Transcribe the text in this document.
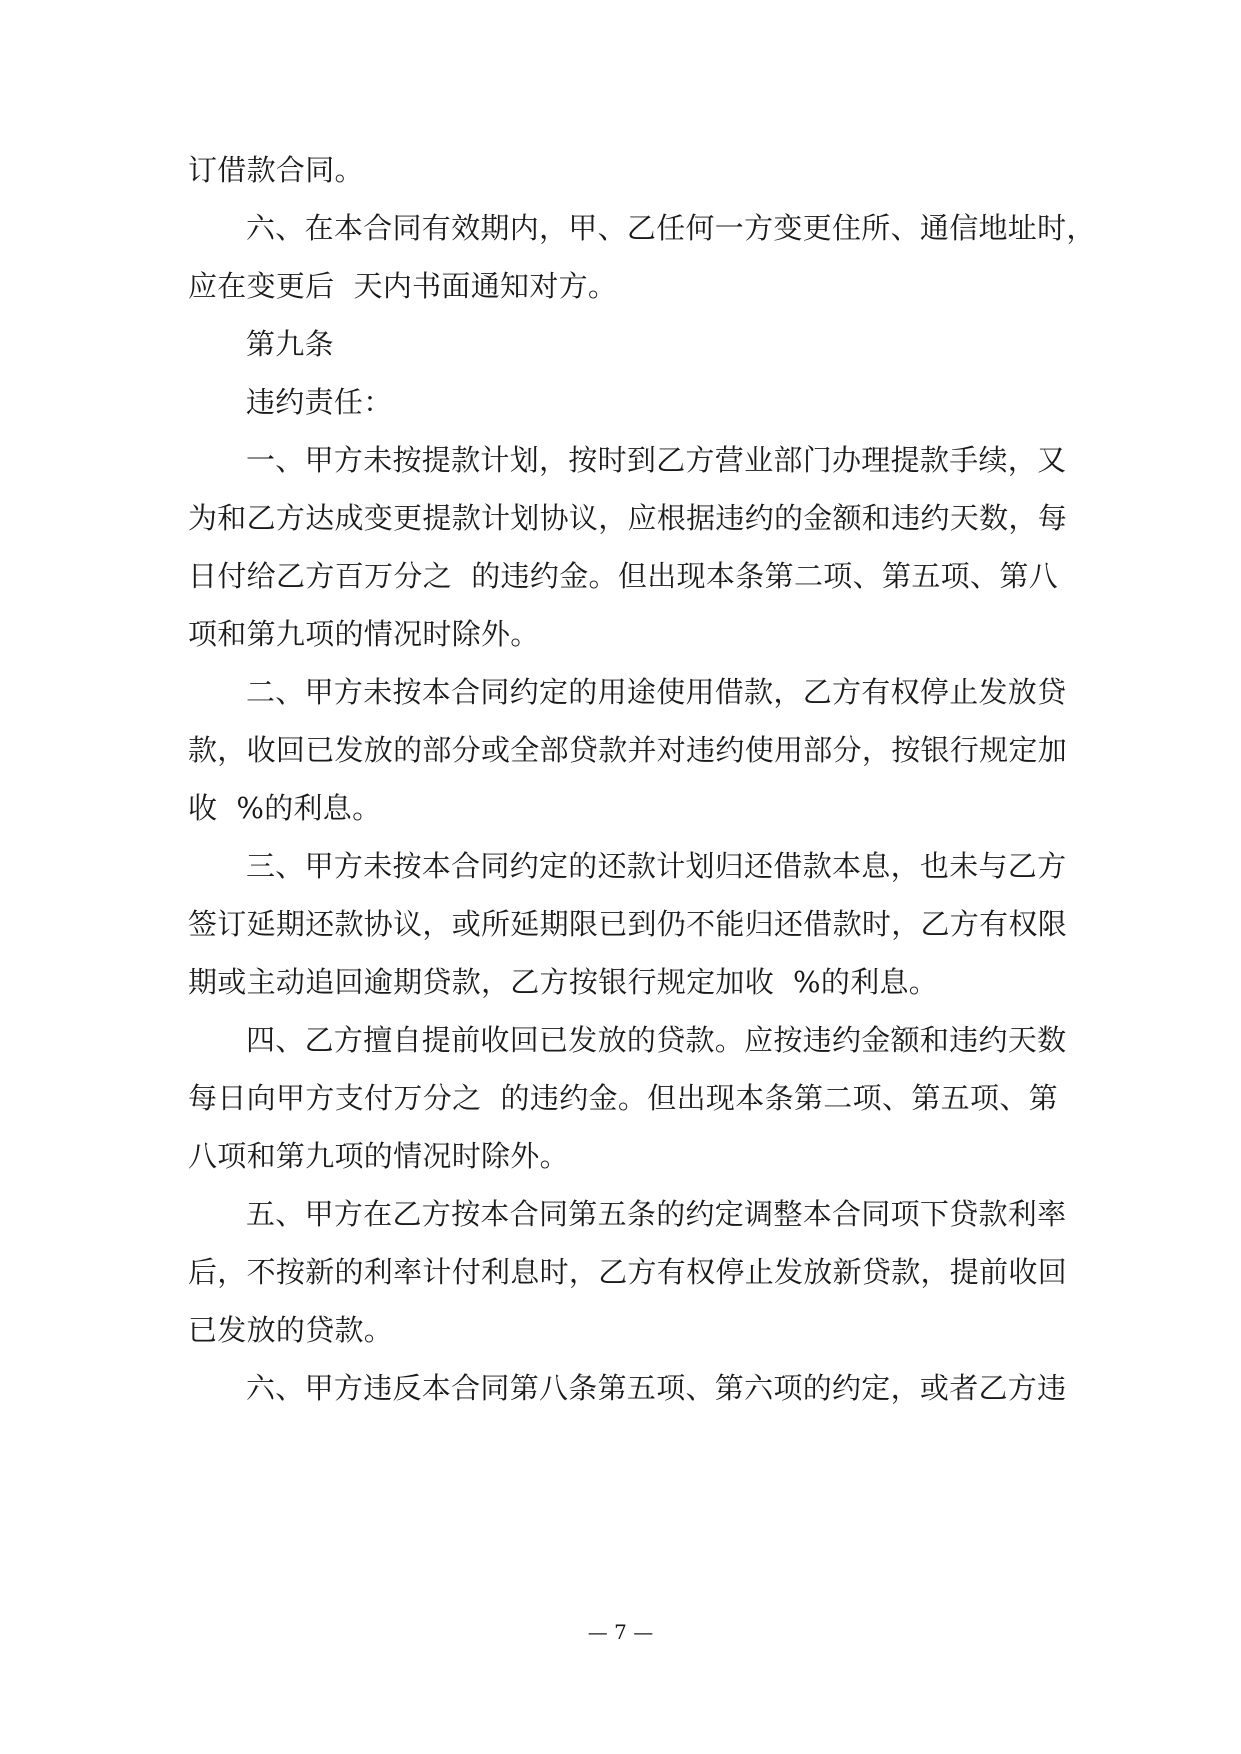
订借款合同。
六、在本合同有效期内，甲、乙任何一方变更住所、通信地址时，
应在变更后  天内书面通知对方。
第九条
违约责任：
一、甲方未按提款计划，按时到乙方营业部门办理提款手续，又
为和乙方达成变更提款计划协议，应根据违约的金额和违约天数，每
日付给乙方百万分之  的违约金。但出现本条第二项、第五项、第八
项和第九项的情况时除外。
二、甲方未按本合同约定的用途使用借款，乙方有权停止发放贷
款，收回已发放的部分或全部贷款并对违约使用部分，按银行规定加
收  %的利息。
三、甲方未按本合同约定的还款计划归还借款本息，也未与乙方
签订延期还款协议，或所延期限已到仍不能归还借款时，乙方有权限
期或主动追回逾期贷款，乙方按银行规定加收  %的利息。
四、乙方擅自提前收回已发放的贷款。应按违约金额和违约天数
每日向甲方支付万分之  的违约金。但出现本条第二项、第五项、第
八项和第九项的情况时除外。
五、甲方在乙方按本合同第五条的约定调整本合同项下贷款利率
后，不按新的利率计付利息时，乙方有权停止发放新贷款，提前收回
已发放的贷款。
六、甲方违反本合同第八条第五项、第六项的约定，或者乙方违
— 7 —
